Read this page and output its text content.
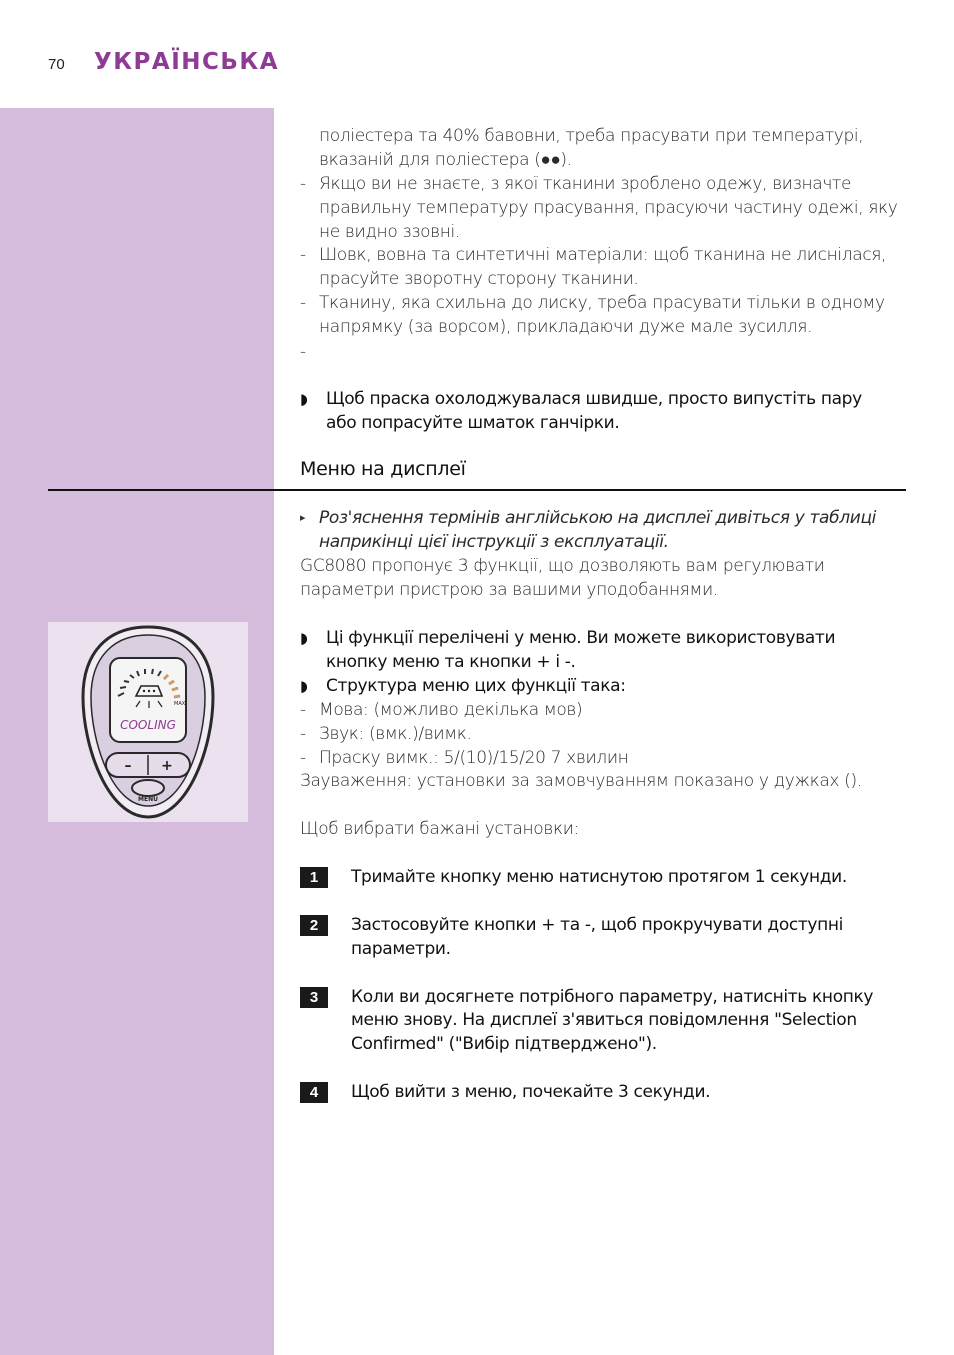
70 УКРАЇНСЬКА
поліестера та 40% бавовни, треба прасувати при температурі,
вказаній для поліестера (●●).
- Якщо ви не знаєте, з якої тканини зроблено одежу, визначте
правильну температуру прасування, прасуючи частину одежі, яку
не видно ззовні.
- Шовк, вовна та синтетичні матеріали: щоб тканина не лиснілася,
прасуйте зворотну сторону тканини.
- Тканину, яка схильна до лиску, треба прасувати тільки в одному
напрямку (за ворсом), прикладаючи дуже мале зусилля.
-
◗ Щоб праска охолоджувалася швидше, просто випустіть пару
або попрасуйте шматок ганчірки.
Меню на дисплеї
▸ Роз'яснення термінів англійською на дисплеї дивіться у таблиці
наприкінці цієї інструкції з експлуатації.
GC8080 пропонує 3 функції, що дозволяють вам регулювати
параметри пристрою за вашими уподобаннями.
MAX
COOLING
– +
MENU
◗ Ці функції перелічені у меню. Ви можете використовувати
кнопку меню та кнопки + і -.
◗ Структура меню цих функції така:
- Мова: (можливо декілька мов)
- Звук: (вмк.)/вимк.
- Праску вимк.: 5/(10)/15/20 7 хвилин
Зауваження: установки за замовчуванням показано у дужках ().
Щоб вибрати бажані установки:
1	Тримайте кнопку меню натиснутою протягом 1 секунди.
2	Застосовуйте кнопки + та -, щоб прокручувати доступні
параметри.
3	Коли ви досягнете потрібного параметру, натисніть кнопку
меню знову. На дисплеї з'явиться повідомлення "Selection
Confirmed" ("Вибір підтверджено").
4	Щоб вийти з меню, почекайте 3 секунди.
